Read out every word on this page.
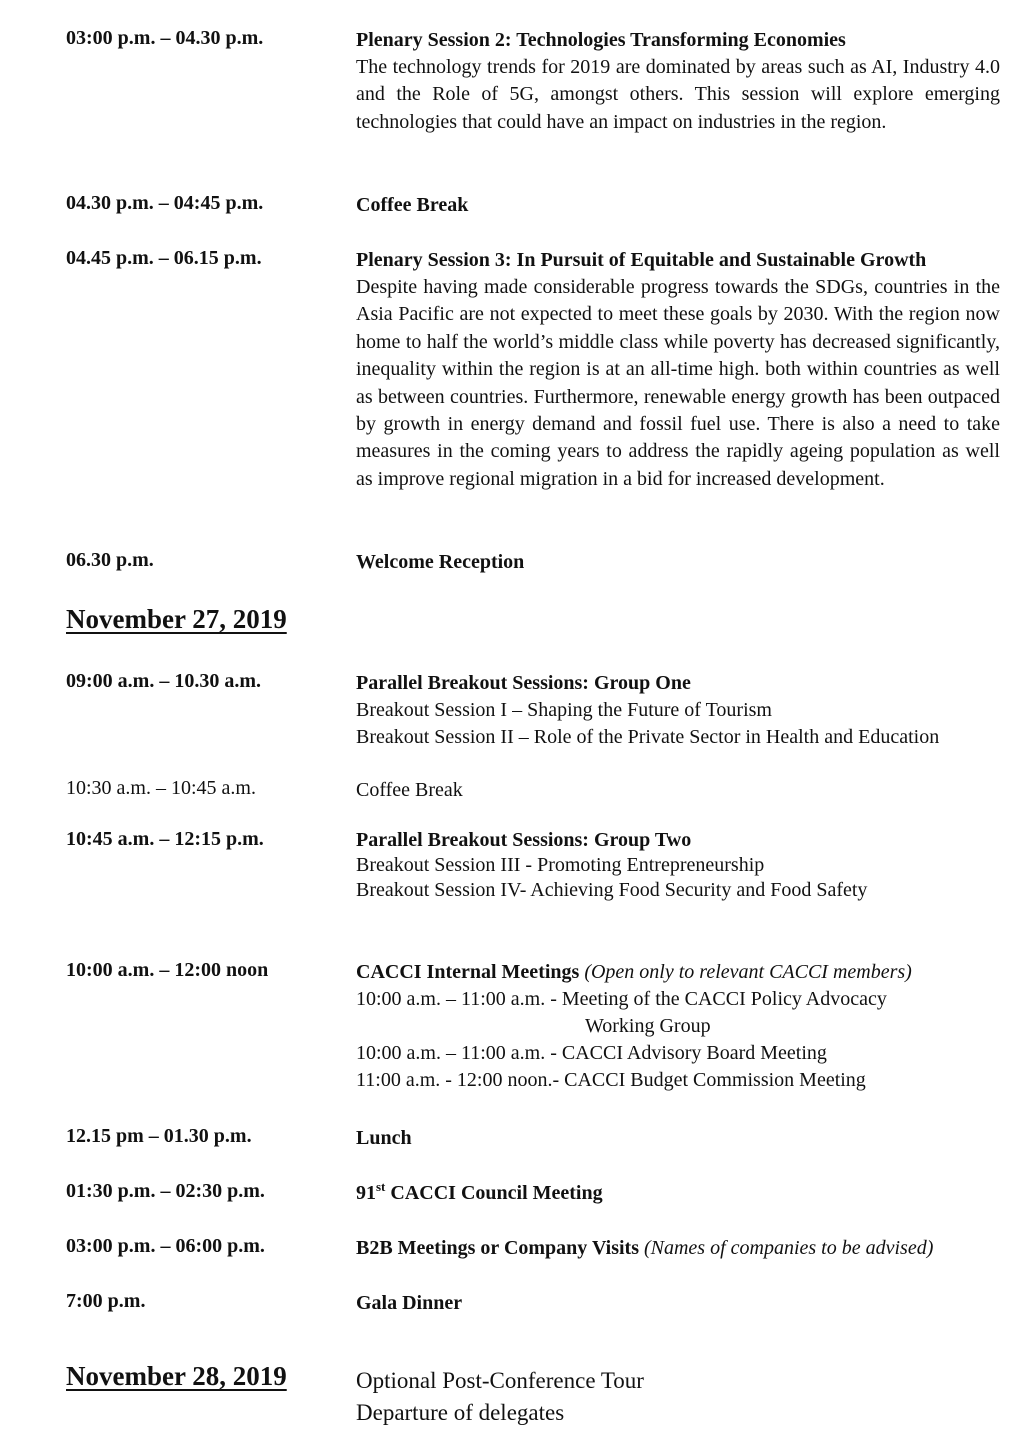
03:00 p.m. – 04.30 p.m.	Plenary Session 2: Technologies Transforming Economies
The technology trends for 2019 are dominated by areas such as AI, Industry 4.0 and the Role of 5G, amongst others. This session will explore emerging technologies that could have an impact on industries in the region.
04.30 p.m. – 04:45 p.m.	Coffee Break
04.45 p.m. – 06.15 p.m.	Plenary Session 3: In Pursuit of Equitable and Sustainable Growth
Despite having made considerable progress towards the SDGs, countries in the Asia Pacific are not expected to meet these goals by 2030. With the region now home to half the world’s middle class while poverty has decreased significantly, inequality within the region is at an all-time high. both within countries as well as between countries. Furthermore, renewable energy growth has been outpaced by growth in energy demand and fossil fuel use. There is also a need to take measures in the coming years to address the rapidly ageing population as well as improve regional migration in a bid for increased development.
06.30 p.m.	Welcome Reception
November 27, 2019
09:00 a.m. – 10.30 a.m.	Parallel Breakout Sessions: Group One
Breakout Session I – Shaping the Future of Tourism
Breakout Session II – Role of the Private Sector in Health and Education
10:30 a.m. – 10:45 a.m.	Coffee Break
10:45 a.m. – 12:15 p.m.	Parallel Breakout Sessions: Group Two
Breakout Session III - Promoting Entrepreneurship
Breakout Session IV- Achieving Food Security and Food Safety
10:00 a.m. – 12:00 noon	CACCI Internal Meetings (Open only to relevant CACCI members)
10:00 a.m. – 11:00 a.m. - Meeting of the CACCI Policy Advocacy
Working Group
10:00 a.m. – 11:00 a.m. - CACCI Advisory Board Meeting
11:00 a.m. - 12:00 noon.- CACCI Budget Commission Meeting
12.15 pm – 01.30 p.m.	Lunch
01:30 p.m. – 02:30 p.m.	91st CACCI Council Meeting
03:00 p.m. – 06:00 p.m.	B2B Meetings or Company Visits (Names of companies to be advised)
7:00 p.m.	Gala Dinner
November 28, 2019	Optional Post-Conference Tour
Departure of delegates
